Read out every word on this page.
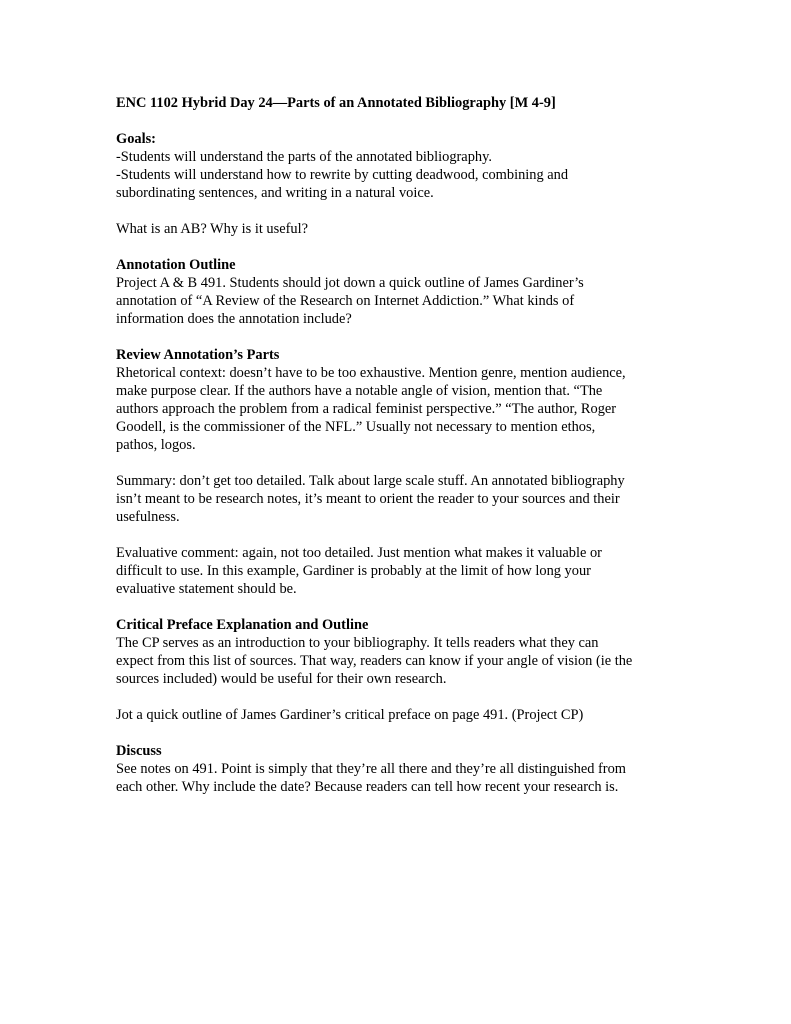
ENC 1102 Hybrid Day 24—Parts of an Annotated Bibliography [M 4-9]

Goals:

-Students will understand the parts of the annotated bibliography.

-Students will understand how to rewrite by cutting deadwood, combining and

subordinating sentences, and writing in a natural voice.

What is an AB? Why is it useful?

Annotation Outline

Project A & B 491. Students should jot down a quick outline of James Gardiner’s

annotation of “A Review of the Research on Internet Addiction.” What kinds of

information does the annotation include?

Review Annotation’s Parts

Rhetorical context: doesn’t have to be too exhaustive. Mention genre, mention audience,

make purpose clear. If the authors have a notable angle of vision, mention that. “The

authors approach the problem from a radical feminist perspective.” “The author, Roger

Goodell, is the commissioner of the NFL.” Usually not necessary to mention ethos,

pathos, logos.

Summary: don’t get too detailed. Talk about large scale stuff. An annotated bibliography

isn’t meant to be research notes, it’s meant to orient the reader to your sources and their

usefulness.

Evaluative comment: again, not too detailed. Just mention what makes it valuable or

difficult to use. In this example, Gardiner is probably at the limit of how long your

evaluative statement should be.

Critical Preface Explanation and Outline

The CP serves as an introduction to your bibliography. It tells readers what they can

expect from this list of sources. That way, readers can know if your angle of vision (ie the

sources included) would be useful for their own research.

Jot a quick outline of James Gardiner’s critical preface on page 491. (Project CP)

Discuss

See notes on 491. Point is simply that they’re all there and they’re all distinguished from

each other. Why include the date? Because readers can tell how recent your research is.
